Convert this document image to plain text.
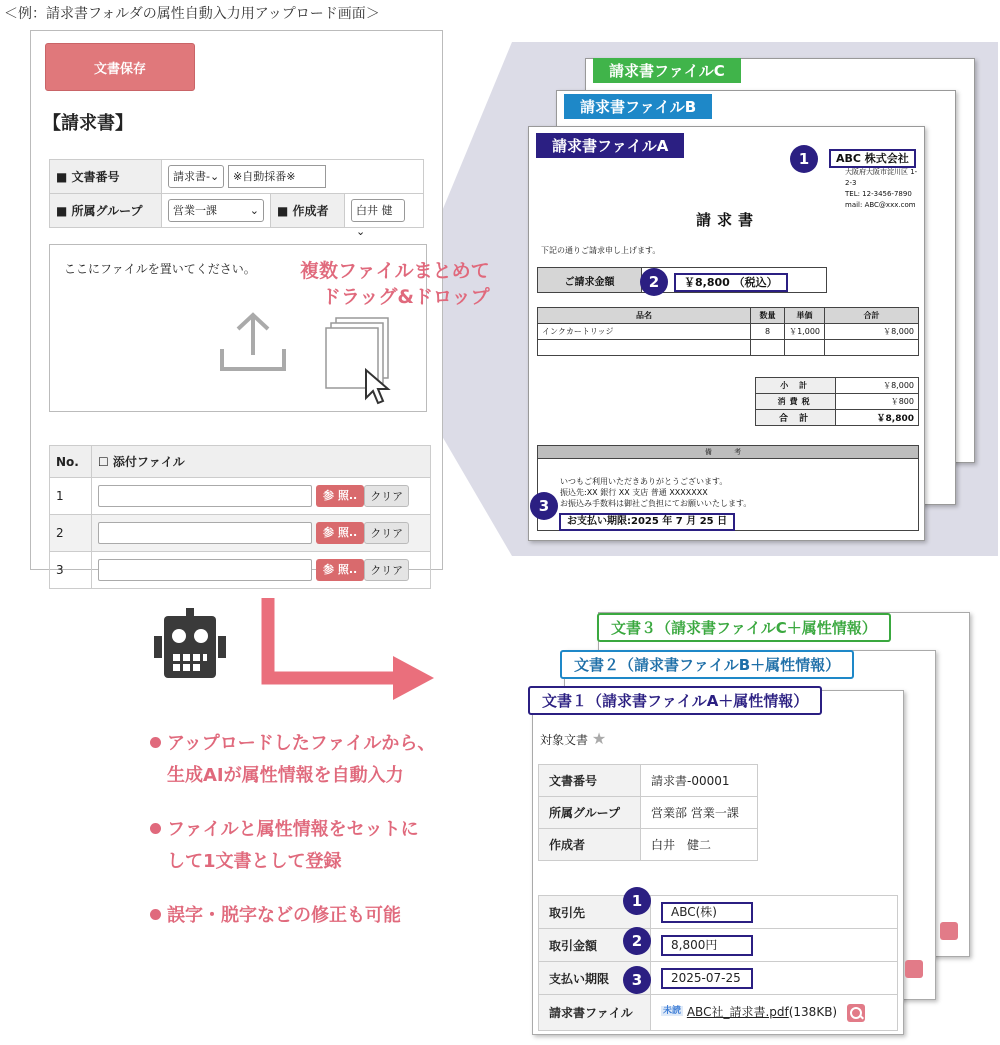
＜例：請求書フォルダの属性自動入力用アップロード画面＞
文書保存
【請求書】
■ 文書番号	請求書-⌄ ※自動採番※		
■ 所属グループ	営業一課 ⌄	■ 作成者	白井 健⌄
ここにファイルを置いてください。
No.	☐ 添付ファイル
1	参 照.. クリア
2	参 照.. クリア
3	参 照.. クリア
複数ファイルまとめて
ドラッグ&ドロップ
請求書ファイルC
請求書ファイルB
ABC 株式会社
大阪府大阪市淀川区 1-2-3
TEL: 12-3456-7890
mail: ABC@xxx.com
請求書
下記の通りご請求申し上げます。
ご請求金額	￥8,800 （税込）
品名	数量	単価	合計
インクカートリッジ	8	￥1,000	￥8,000

小 計	￥8,000
消費税	￥800
合 計	￥8,800
備 考
いつもご利用いただきありがとうございます。
振込先:XX 銀行 XX 支店 普通 XXXXXXX
お振込み手数料は御社ご負担にてお願いいたします。
お支払い期限:2025 年 7 月 25 日
請求書ファイルA
1
2
3
アップロードしたファイルから、
生成AIが属性情報を自動入力
ファイルと属性情報をセットに
して1文書として登録
誤字・脱字などの修正も可能
文書３（請求書ファイルC＋属性情報）
文書２（請求書ファイルB＋属性情報）
文書１（請求書ファイルA＋属性情報）
対象文書 ★
文書番号	請求書-00001
所属グループ	営業部 営業一課
作成者	白井　健二
取引先	ABC(株)
取引金額	8,800円
支払い期限	2025-07-25
請求書ファイル	$^{未読}$ ABC社_請求書.pdf(138KB)
1
2
3
